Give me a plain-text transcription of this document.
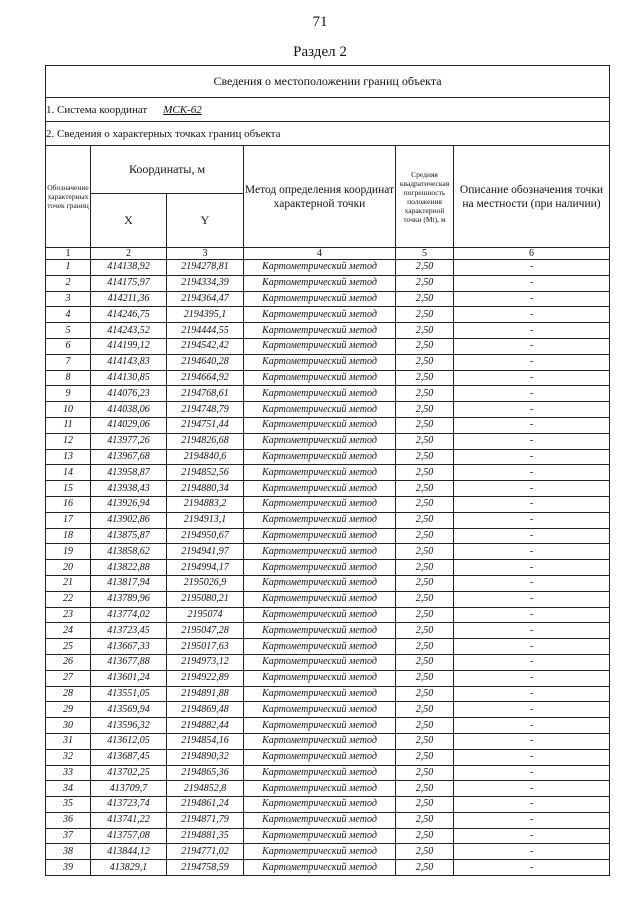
71
Раздел 2
Сведения о местоположении границ объекта					
1. Система координат МСК-62					
2. Сведения о характерных точках границ объекта					
Обозначение характерных точек границ	Координаты, м		Метод определения координат характерной точки	Средняя квадратическая погрешность положения характерной точки (Mt), м	Описание обозначения точки на местности (при наличии)
	X	Y			
1	2	3	4	5	6
1	414138,92	2194278,81	Картометрический метод	2,50	-
2	414175,97	2194334,39	Картометрический метод	2,50	-
3	414211,36	2194364,47	Картометрический метод	2,50	-
4	414246,75	2194395,1	Картометрический метод	2,50	-
5	414243,52	2194444,55	Картометрический метод	2,50	-
6	414199,12	2194542,42	Картометрический метод	2,50	-
7	414143,83	2194640,28	Картометрический метод	2,50	-
8	414130,85	2194664,92	Картометрический метод	2,50	-
9	414076,23	2194768,61	Картометрический метод	2,50	-
10	414038,06	2194748,79	Картометрический метод	2,50	-
11	414029,06	2194751,44	Картометрический метод	2,50	-
12	413977,26	2194826,68	Картометрический метод	2,50	-
13	413967,68	2194840,6	Картометрический метод	2,50	-
14	413958,87	2194852,56	Картометрический метод	2,50	-
15	413938,43	2194880,34	Картометрический метод	2,50	-
16	413926,94	2194883,2	Картометрический метод	2,50	-
17	413902,86	2194913,1	Картометрический метод	2,50	-
18	413875,87	2194950,67	Картометрический метод	2,50	-
19	413858,62	2194941,97	Картометрический метод	2,50	-
20	413822,88	2194994,17	Картометрический метод	2,50	-
21	413817,94	2195026,9	Картометрический метод	2,50	-
22	413789,96	2195080,21	Картометрический метод	2,50	-
23	413774,02	2195074	Картометрический метод	2,50	-
24	413723,45	2195047,28	Картометрический метод	2,50	-
25	413667,33	2195017,63	Картометрический метод	2,50	-
26	413677,88	2194973,12	Картометрический метод	2,50	-
27	413601,24	2194922,89	Картометрический метод	2,50	-
28	413551,05	2194891,88	Картометрический метод	2,50	-
29	413569,94	2194869,48	Картометрический метод	2,50	-
30	413596,32	2194882,44	Картометрический метод	2,50	-
31	413612,05	2194854,16	Картометрический метод	2,50	-
32	413687,45	2194890,32	Картометрический метод	2,50	-
33	413702,25	2194865,36	Картометрический метод	2,50	-
34	413709,7	2194852,8	Картометрический метод	2,50	-
35	413723,74	2194861,24	Картометрический метод	2,50	-
36	413741,22	2194871,79	Картометрический метод	2,50	-
37	413757,08	2194881,35	Картометрический метод	2,50	-
38	413844,12	2194771,02	Картометрический метод	2,50	-
39	413829,1	2194758,59	Картометрический метод	2,50	-
